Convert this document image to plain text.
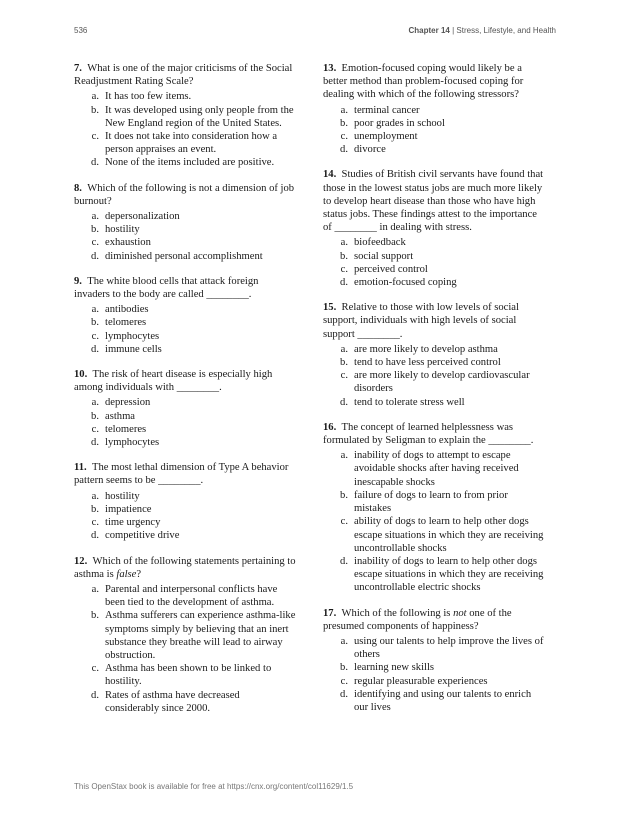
536	Chapter 14 | Stress, Lifestyle, and Health
7. What is one of the major criticisms of the Social Readjustment Rating Scale?
a. It has too few items.
b. It was developed using only people from the New England region of the United States.
c. It does not take into consideration how a person appraises an event.
d. None of the items included are positive.
8. Which of the following is not a dimension of job burnout?
a. depersonalization
b. hostility
c. exhaustion
d. diminished personal accomplishment
9. The white blood cells that attack foreign invaders to the body are called ________.
a. antibodies
b. telomeres
c. lymphocytes
d. immune cells
10. The risk of heart disease is especially high among individuals with ________.
a. depression
b. asthma
c. telomeres
d. lymphocytes
11. The most lethal dimension of Type A behavior pattern seems to be ________.
a. hostility
b. impatience
c. time urgency
d. competitive drive
12. Which of the following statements pertaining to asthma is false?
a. Parental and interpersonal conflicts have been tied to the development of asthma.
b. Asthma sufferers can experience asthma-like symptoms simply by believing that an inert substance they breathe will lead to airway obstruction.
c. Asthma has been shown to be linked to hostility.
d. Rates of asthma have decreased considerably since 2000.
13. Emotion-focused coping would likely be a better method than problem-focused coping for dealing with which of the following stressors?
a. terminal cancer
b. poor grades in school
c. unemployment
d. divorce
14. Studies of British civil servants have found that those in the lowest status jobs are much more likely to develop heart disease than those who have high status jobs. These findings attest to the importance of ________ in dealing with stress.
a. biofeedback
b. social support
c. perceived control
d. emotion-focused coping
15. Relative to those with low levels of social support, individuals with high levels of social support ________.
a. are more likely to develop asthma
b. tend to have less perceived control
c. are more likely to develop cardiovascular disorders
d. tend to tolerate stress well
16. The concept of learned helplessness was formulated by Seligman to explain the ________.
a. inability of dogs to attempt to escape avoidable shocks after having received inescapable shocks
b. failure of dogs to learn to from prior mistakes
c. ability of dogs to learn to help other dogs escape situations in which they are receiving uncontrollable shocks
d. inability of dogs to learn to help other dogs escape situations in which they are receiving uncontrollable electric shocks
17. Which of the following is not one of the presumed components of happiness?
a. using our talents to help improve the lives of others
b. learning new skills
c. regular pleasurable experiences
d. identifying and using our talents to enrich our lives
This OpenStax book is available for free at https://cnx.org/content/col11629/1.5
